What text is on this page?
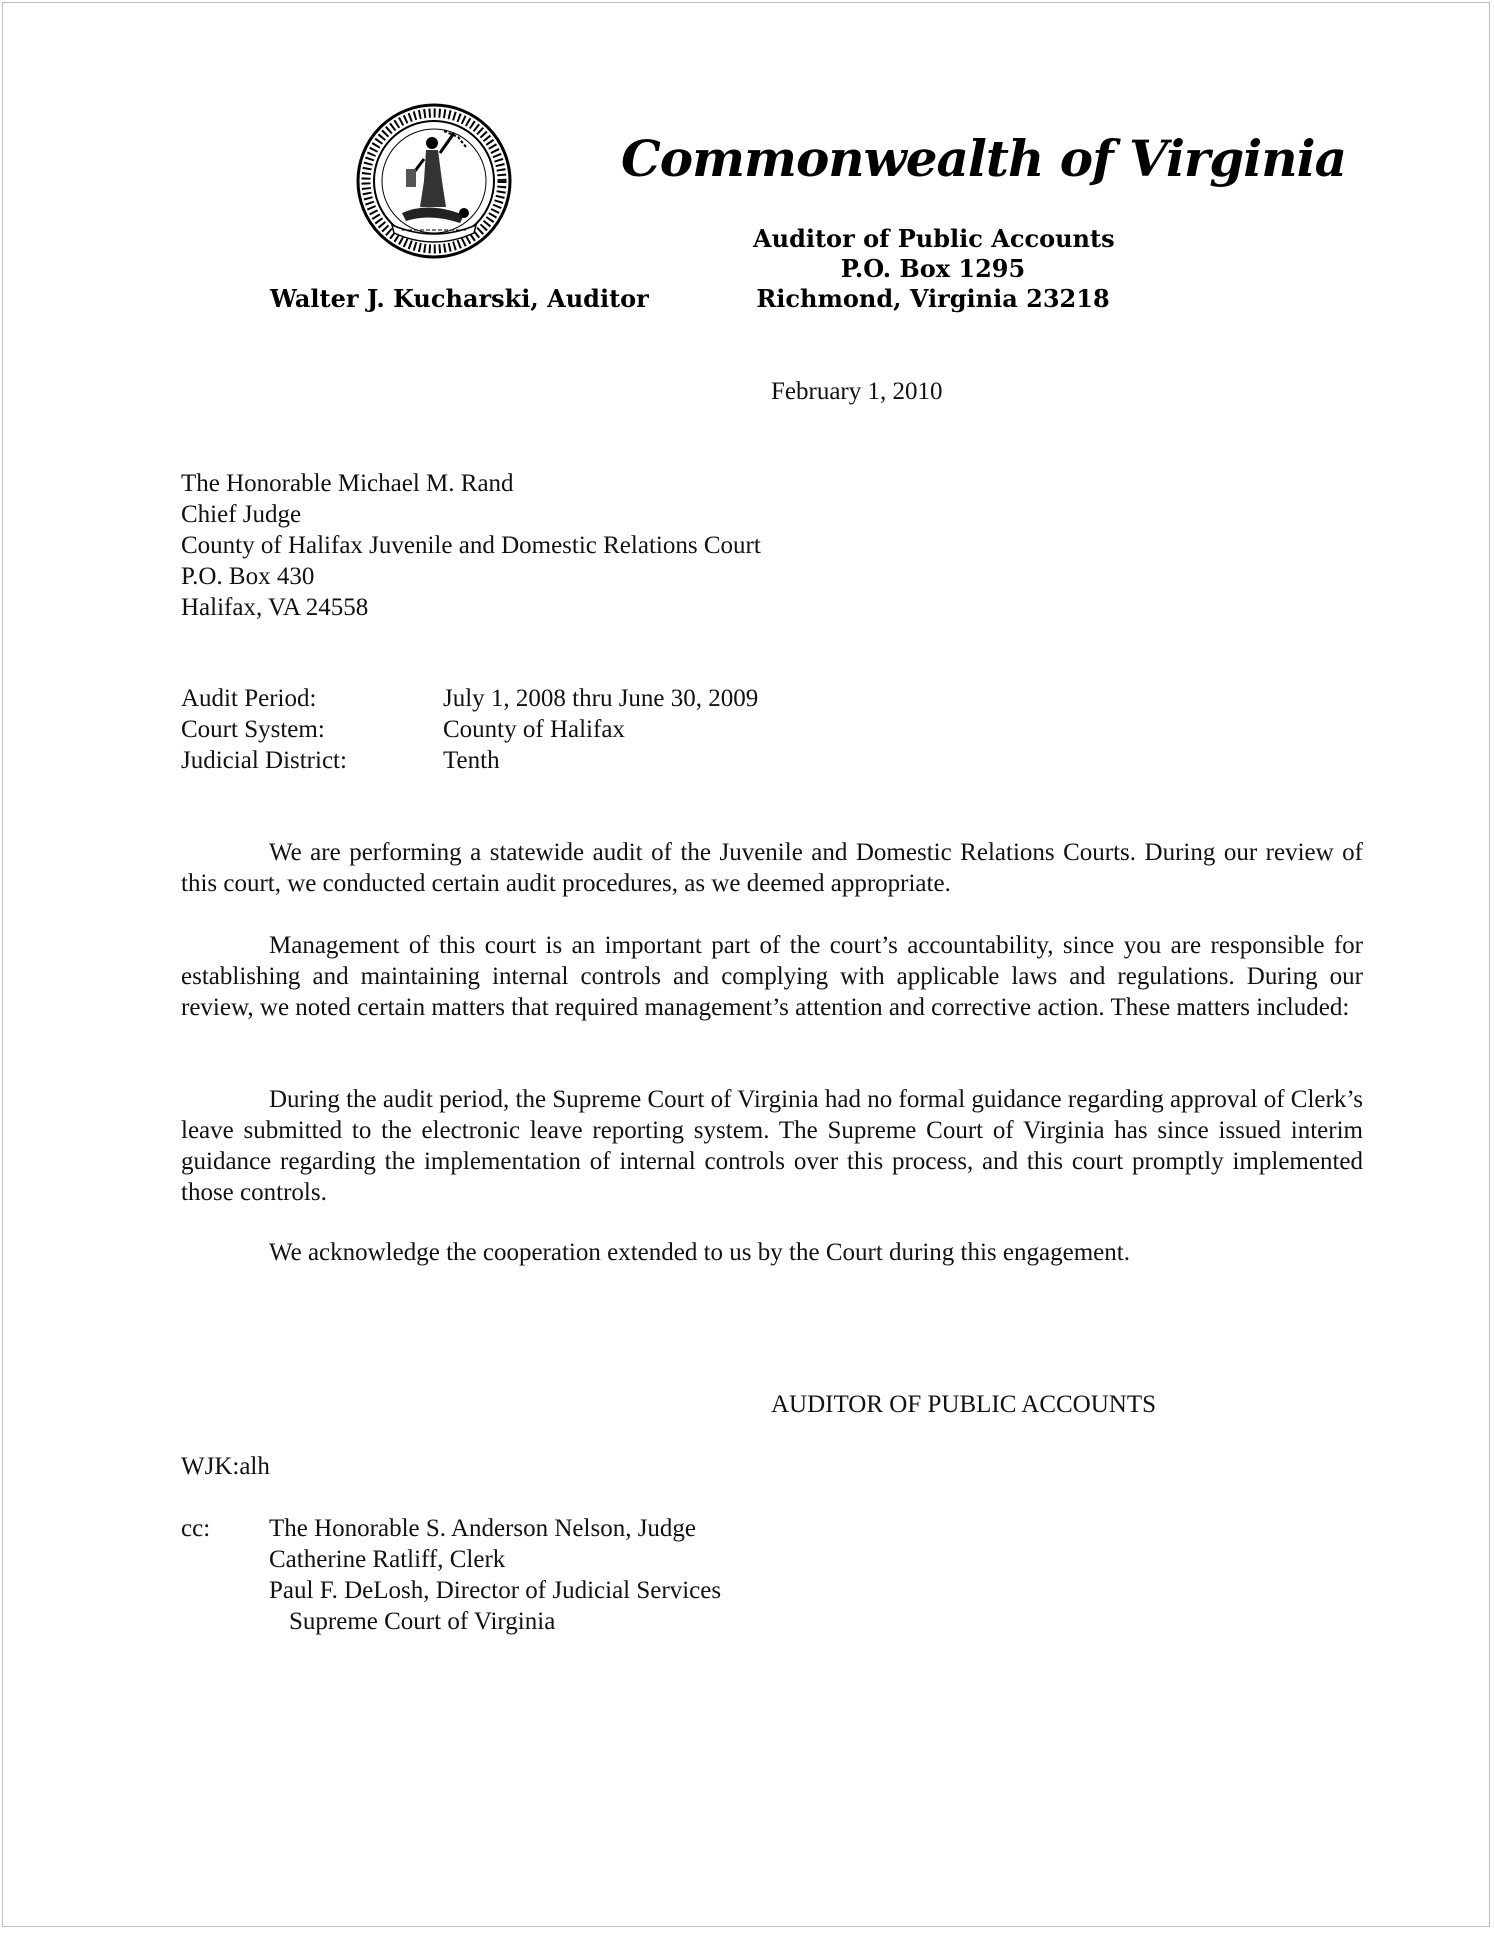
Commonwealth of Virginia
Auditor of Public Accounts
P.O. Box 1295
Richmond, Virginia 23218
Walter J. Kucharski, Auditor
February 1, 2010
The Honorable Michael M. Rand
Chief Judge
County of Halifax Juvenile and Domestic Relations Court
P.O. Box 430
Halifax, VA 24558
Audit Period:	July 1, 2008 thru June 30, 2009
Court System:	County of Halifax
Judicial District:	Tenth

We are performing a statewide audit of the Juvenile and Domestic Relations Courts. During our review of this court, we conducted certain audit procedures, as we deemed appropriate.

Management of this court is an important part of the court’s accountability, since you are responsible for establishing and maintaining internal controls and complying with applicable laws and regulations. During our review, we noted certain matters that required management’s attention and corrective action. These matters included:

During the audit period, the Supreme Court of Virginia had no formal guidance regarding approval of Clerk’s leave submitted to the electronic leave reporting system. The Supreme Court of Virginia has since issued interim guidance regarding the implementation of internal controls over this process, and this court promptly implemented those controls.

We acknowledge the cooperation extended to us by the Court during this engagement.

AUDITOR OF PUBLIC ACCOUNTS
WJK:alh
cc:	The Honorable S. Anderson Nelson, Judge
Catherine Ratliff, Clerk
Paul F. DeLosh, Director of Judicial Services
Supreme Court of Virginia
